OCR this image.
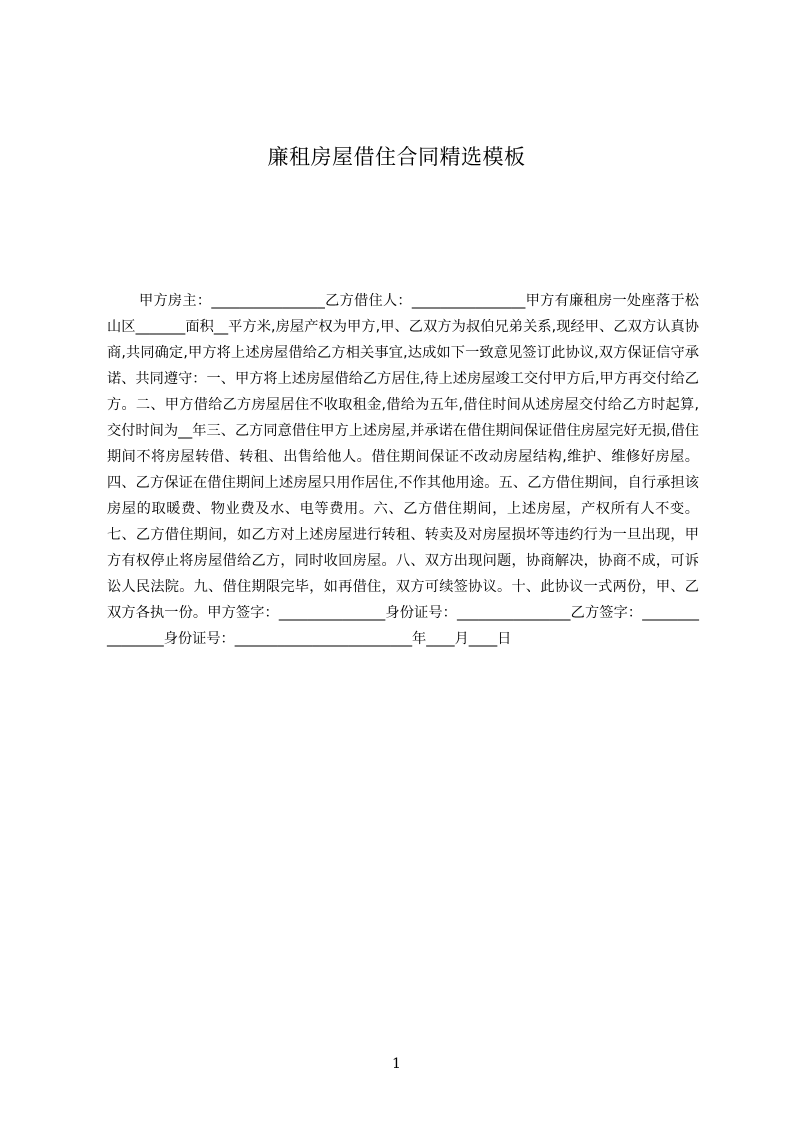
廉租房屋借住合同精选模板

甲方房主：________________乙方借住人：________________甲方有廉租房一处座落于松山区_______面积__平方米,房屋产权为甲方,甲、乙双方为叔伯兄弟关系,现经甲、乙双方认真协商,共同确定,甲方将上述房屋借给乙方相关事宜,达成如下一致意见签订此协议,双方保证信守承诺、共同遵守：一、甲方将上述房屋借给乙方居住,待上述房屋竣工交付甲方后,甲方再交付给乙方。二、甲方借给乙方房屋居住不收取租金,借给为五年,借住时间从述房屋交付给乙方时起算,交付时间为__年三、乙方同意借住甲方上述房屋,并承诺在借住期间保证借住房屋完好无损,借住期间不将房屋转借、转租、出售给他人。借住期间保证不改动房屋结构,维护、维修好房屋。四、乙方保证在借住期间上述房屋只用作居住,不作其他用途。五、乙方借住期间，自行承担该房屋的取暖费、物业费及水、电等费用。六、乙方借住期间，上述房屋，产权所有人不变。七、乙方借住期间，如乙方对上述房屋进行转租、转卖及对房屋损坏等违约行为一旦出现，甲方有权停止将房屋借给乙方，同时收回房屋。八、双方出现问题，协商解决，协商不成，可诉讼人民法院。九、借住期限完毕，如再借住，双方可续签协议。十、此协议一式两份，甲、乙双方各执一份。甲方签字：_______________身份证号：________________乙方签字：________________身份证号：_________________________年____月____日

1
